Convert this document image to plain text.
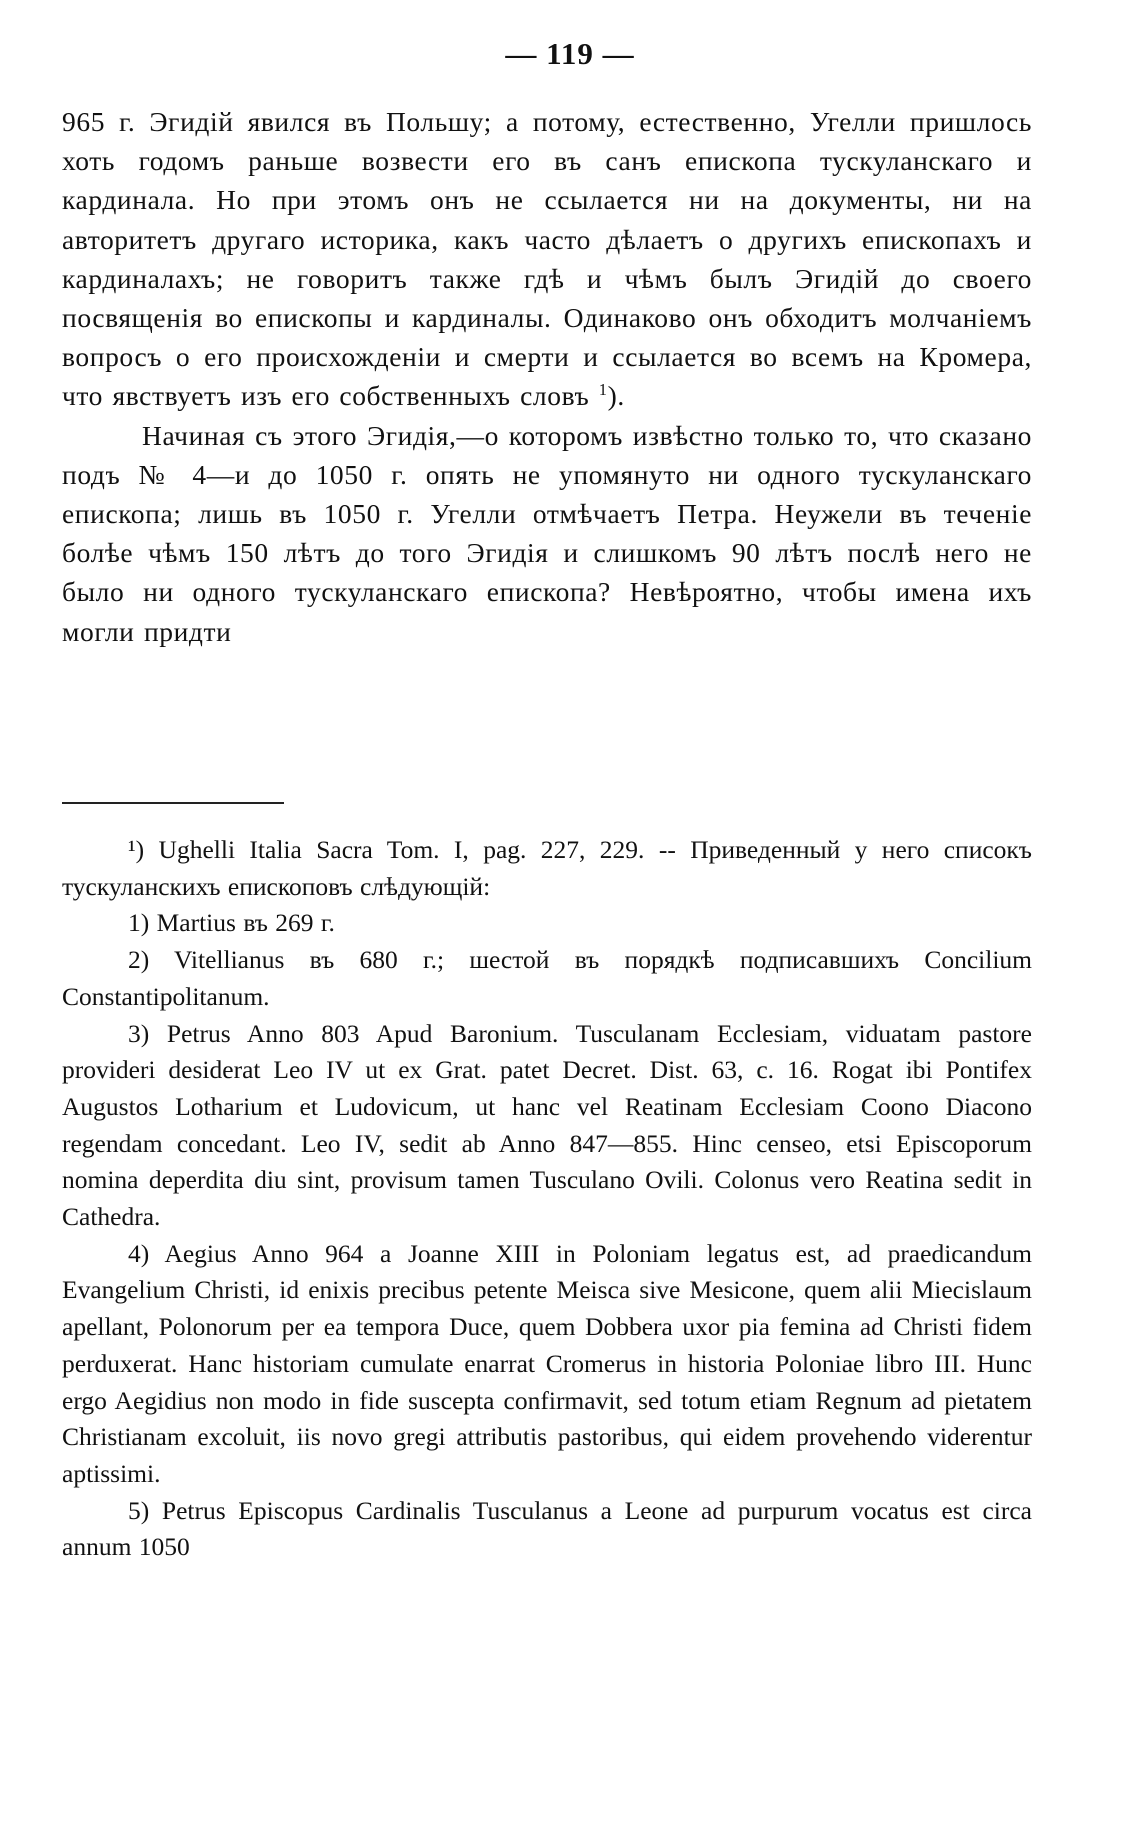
— 119 —

965 г. Эгидій явился въ Польшу; а потому, естественно, Угелли пришлось хоть годомъ раньше возвести его въ санъ епископа тускуланскаго и кардинала. Но при этомъ онъ не ссылается ни на документы, ни на авторитетъ другаго историка, какъ часто дѣлаетъ о другихъ епископахъ и кардиналахъ; не говоритъ также гдѣ и чѣмъ былъ Эгидій до своего посвященія во епископы и кардиналы. Одинаково онъ обходитъ молчаніемъ вопросъ о его происхожденіи и смерти и ссылается во всемъ на Кромера, что явствуетъ изъ его собственныхъ словъ $^1$).

Начиная съ этого Эгидія,—о которомъ извѣстно только то, что сказано подъ № 4—и до 1050 г. опять не упомянуто ни одного тускуланскаго епископа; лишь въ 1050 г. Угелли отмѣчаетъ Петра. Неужели въ теченіе болѣе чѣмъ 150 лѣтъ до того Эгидія и слишкомъ 90 лѣтъ послѣ него не было ни одного тускуланскаго епископа? Невѣроятно, чтобы имена ихъ могли придти

¹) Ughelli Italia Sacra Tom. I, pag. 227, 229. -- Приведенный у него списокъ тускуланскихъ епископовъ слѣдующій:

1) Martius въ 269 г.

2) Vitellianus въ 680 г.; шестой въ порядкѣ подписавшихъ Concilium Constantipolitanum.

3) Petrus Anno 803 Apud Baronium. Tusculanam Ecclesiam, viduatam pastore provideri desiderat Leo IV ut ex Grat. patet Decret. Dist. 63, c. 16. Rogat ibi Pontifex Augustos Lotharium et Ludovicum, ut hanc vel Reatinam Ecclesiam Coono Diacono regendam concedant. Leo IV, sedit ab Anno 847—855. Hinc censeo, etsi Episcoporum nomina deperdita diu sint, provisum tamen Tusculano Ovili. Colonus vero Reatina sedit in Cathedra.

4) Aegius Anno 964 a Joanne XIII in Poloniam legatus est, ad praedicandum Evangelium Christi, id enixis precibus petente Meisca sive Mesicone, quem alii Miecislaum apellant, Polonorum per ea tempora Duce, quem Dobbera uxor pia femina ad Christi fidem perduxerat. Hanc historiam cumulate enarrat Cromerus in historia Poloniae libro III. Hunc ergo Aegidius non modo in fide suscepta confirmavit, sed totum etiam Regnum ad pietatem Christianam excoluit, iis novo gregi attributis pastoribus, qui eidem provehendo viderentur aptissimi.

5) Petrus Episcopus Cardinalis Tusculanus a Leone ad purpurum vocatus est circa annum 1050
